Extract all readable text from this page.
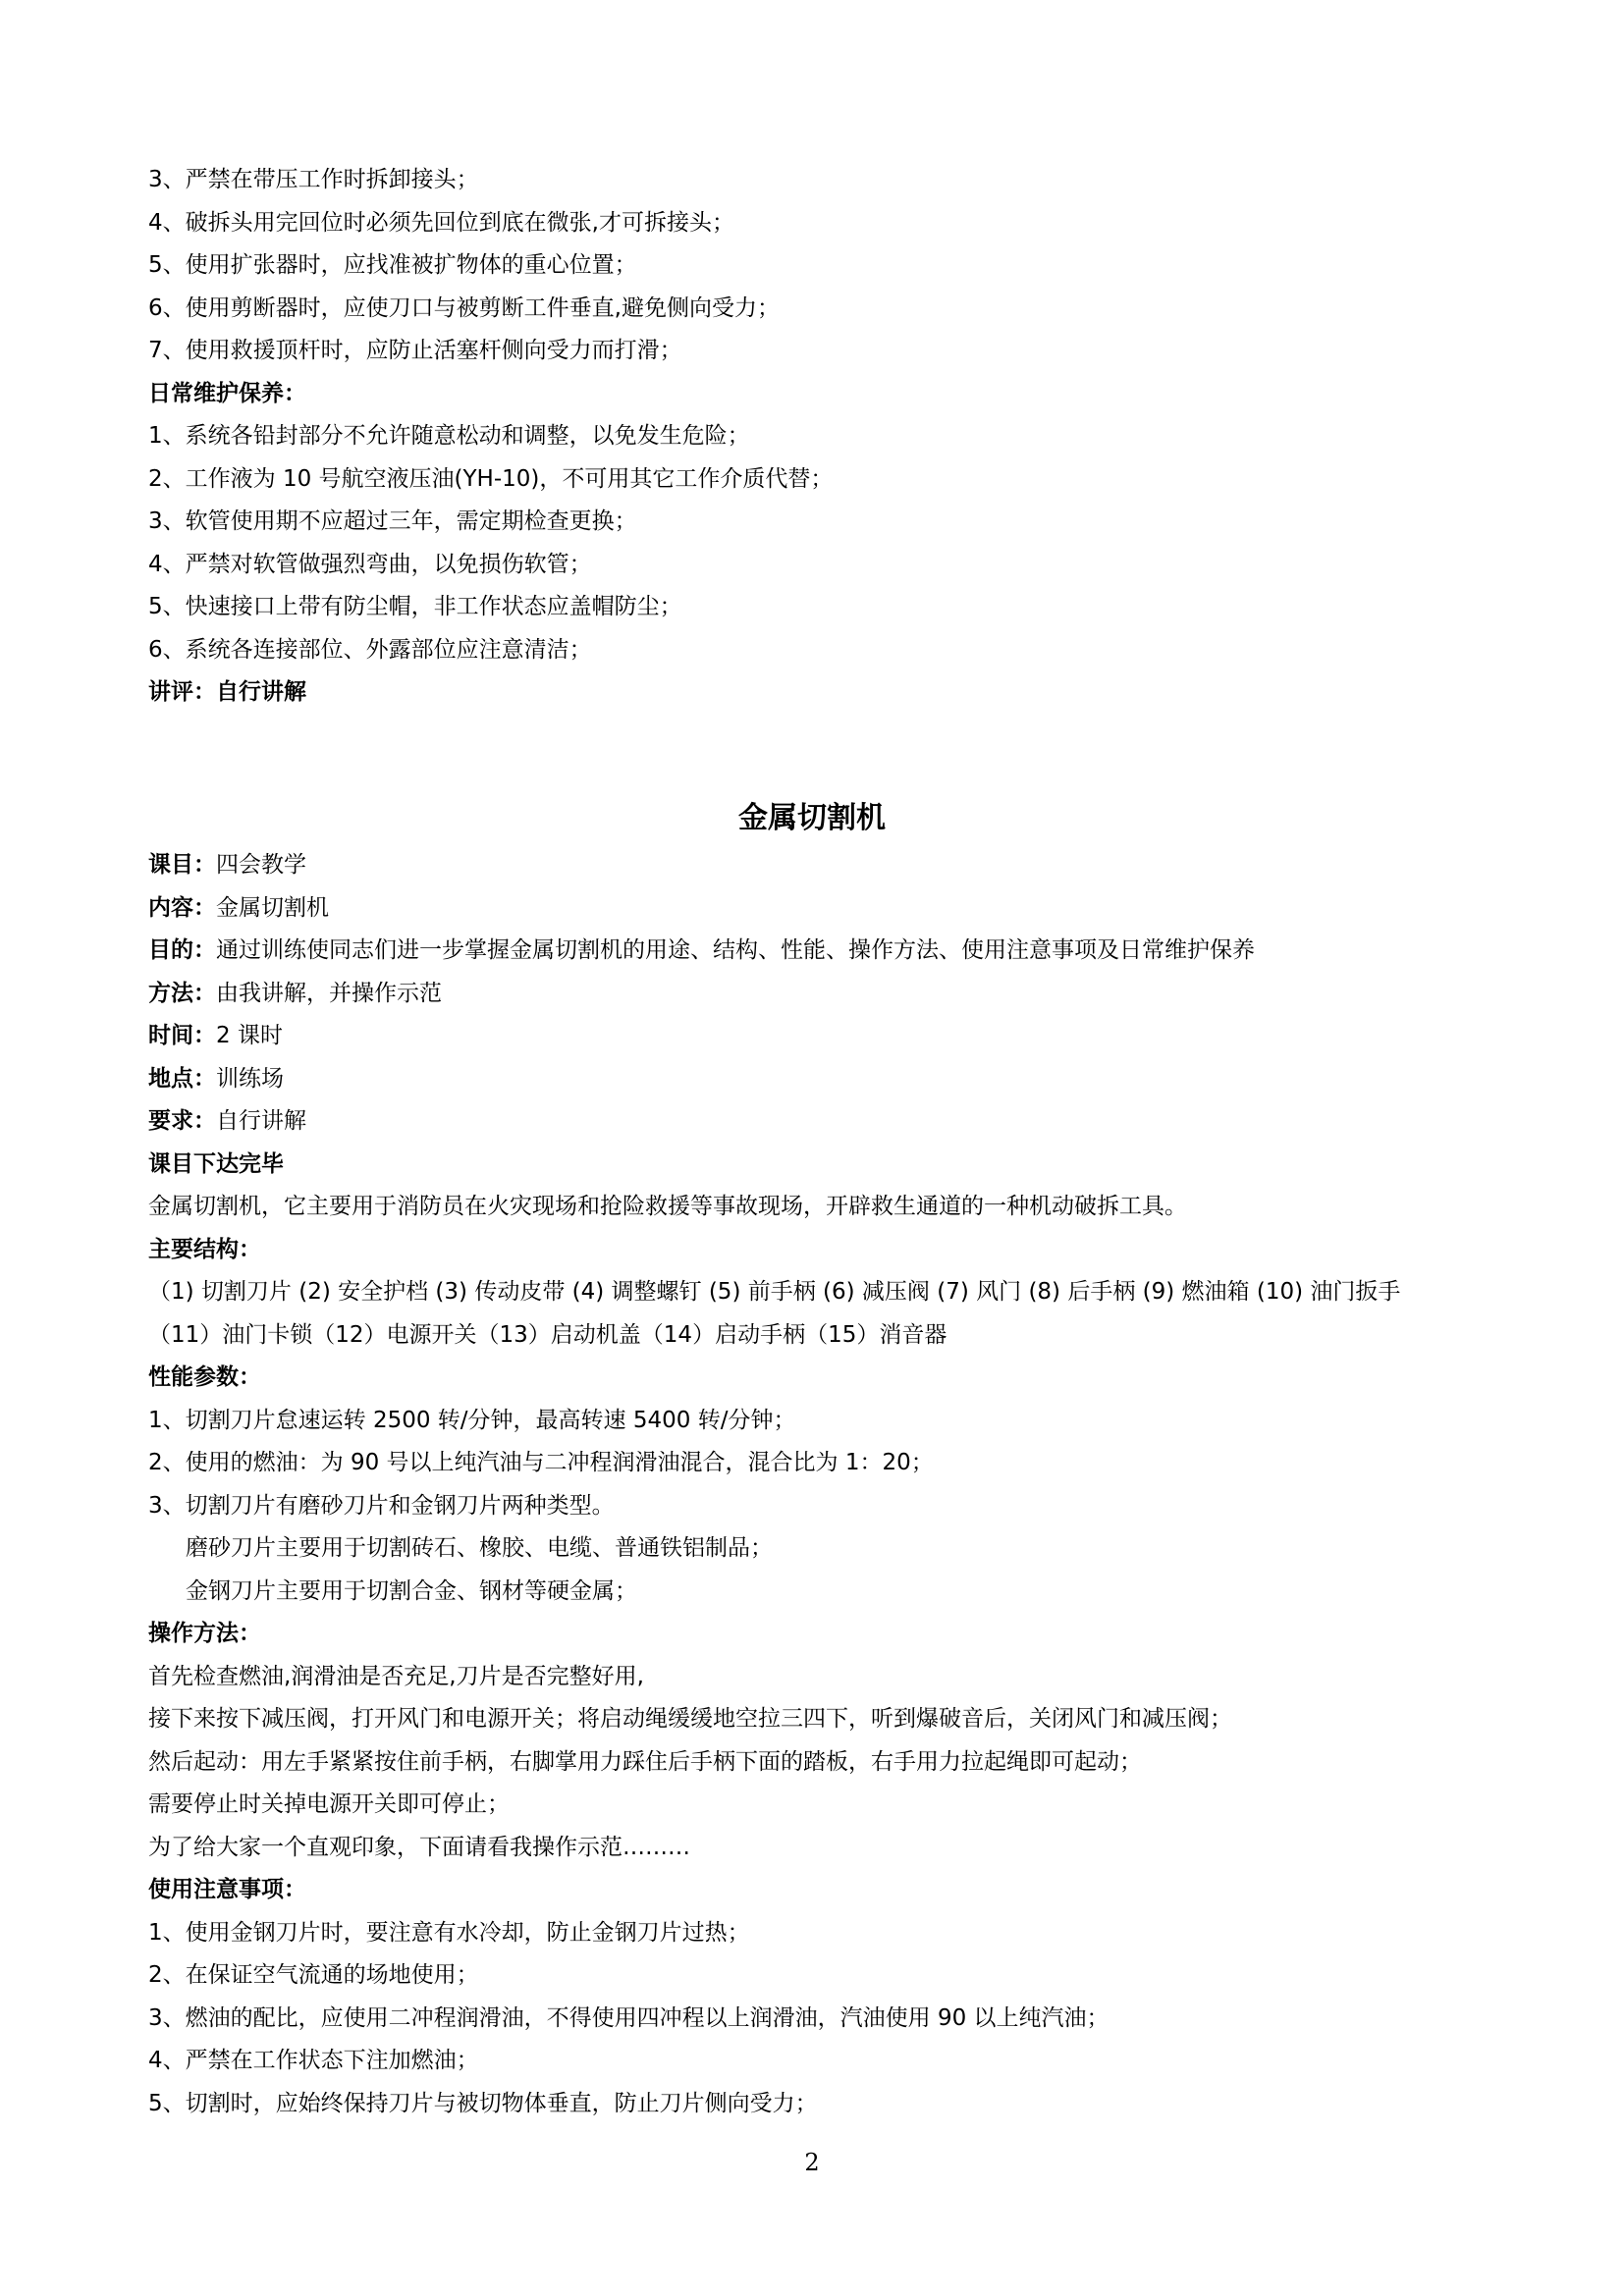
3、严禁在带压工作时拆卸接头；
4、破拆头用完回位时必须先回位到底在微张,才可拆接头；
5、使用扩张器时，应找准被扩物体的重心位置；
6、使用剪断器时，应使刀口与被剪断工件垂直,避免侧向受力；
7、使用救援顶杆时，应防止活塞杆侧向受力而打滑；
日常维护保养：
1、系统各铅封部分不允许随意松动和调整，以免发生危险；
2、工作液为 10 号航空液压油(YH-10)，不可用其它工作介质代替；
3、软管使用期不应超过三年，需定期检查更换；
4、严禁对软管做强烈弯曲，以免损伤软管；
5、快速接口上带有防尘帽，非工作状态应盖帽防尘；
6、系统各连接部位、外露部位应注意清洁；
讲评：自行讲解
金属切割机
课目：四会教学
内容：金属切割机
目的：通过训练使同志们进一步掌握金属切割机的用途、结构、性能、操作方法、使用注意事项及日常维护保养
方法：由我讲解，并操作示范
时间：2 课时
地点：训练场
要求：自行讲解
课目下达完毕
金属切割机，它主要用于消防员在火灾现场和抢险救援等事故现场，开辟救生通道的一种机动破拆工具。
主要结构：
（1) 切割刀片 (2) 安全护档 (3) 传动皮带 (4) 调整螺钉 (5) 前手柄 (6) 减压阀 (7) 风门 (8) 后手柄 (9) 燃油箱 (10) 油门扳手
（11）油门卡锁（12）电源开关（13）启动机盖（14）启动手柄（15）消音器
性能参数：
1、切割刀片怠速运转 2500 转/分钟，最高转速 5400 转/分钟；
2、使用的燃油：为 90 号以上纯汽油与二冲程润滑油混合，混合比为 1：20；
3、切割刀片有磨砂刀片和金钢刀片两种类型。
磨砂刀片主要用于切割砖石、橡胶、电缆、普通铁铝制品；
金钢刀片主要用于切割合金、钢材等硬金属；
操作方法：
首先检查燃油,润滑油是否充足,刀片是否完整好用,
接下来按下减压阀，打开风门和电源开关；将启动绳缓缓地空拉三四下，听到爆破音后，关闭风门和减压阀；
然后起动：用左手紧紧按住前手柄，右脚掌用力踩住后手柄下面的踏板，右手用力拉起绳即可起动；
需要停止时关掉电源开关即可停止；
为了给大家一个直观印象，下面请看我操作示范………
使用注意事项：
1、使用金钢刀片时，要注意有水冷却，防止金钢刀片过热；
2、在保证空气流通的场地使用；
3、燃油的配比，应使用二冲程润滑油，不得使用四冲程以上润滑油，汽油使用 90 以上纯汽油；
4、严禁在工作状态下注加燃油；
5、切割时，应始终保持刀片与被切物体垂直，防止刀片侧向受力；
2
